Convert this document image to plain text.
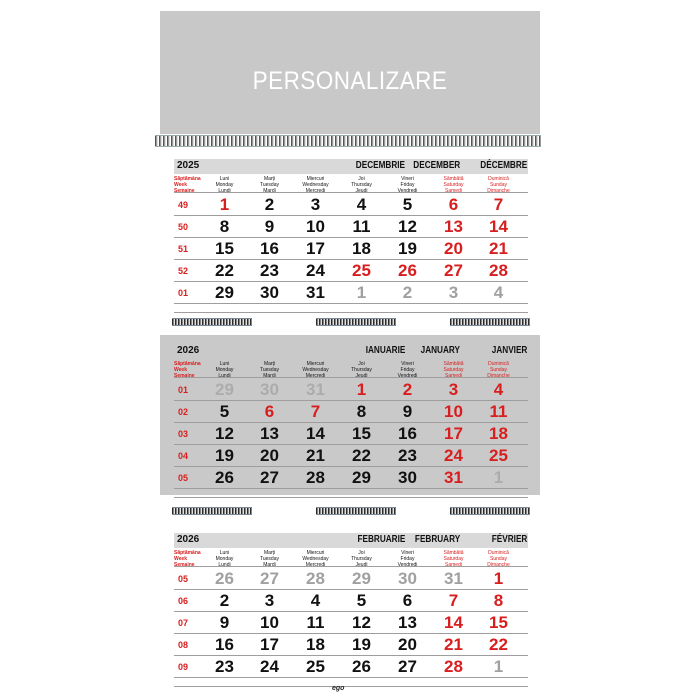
PERSONALIZARE
2025	DECEMBRIE DECEMBER DÉCEMBRE
Săptămâna
Week
Semaine
Luni
Monday
Lundi
Marți
Tuesday
Mardi
Miercuri
Wednesday
Mercredi
Joi
Thursday
Jeudi
Vineri
Friday
Vendredi
Sâmbătă
Saturday
Samedi
Duminică
Sunday
Dimanche
49	1	2	3	4	5	6	7
50	8	9	10	11	12	13	14
51	15	16	17	18	19	20	21
52	22	23	24	25	26	27	28
01	29	30	31	1	2	3	4
2026	IANUARIE JANUARY	JANVIER
Săptămâna
Week
Semaine
Luni
Monday
Lundi
Marți
Tuesday
Mardi
Miercuri
Wednesday
Mercredi
Joi
Thursday
Jeudi
Vineri
Friday
Vendredi
Sâmbătă
Saturday
Samedi
Duminică
Sunday
Dimanche
01	29	30	31	1	2	3	4
02	5	6	7	8	9	10	11
03	12	13	14	15	16	17	18
04	19	20	21	22	23	24	25
05	26	27	28	29	30	31	1
2026	FEBRUARIE FEBRUARY	FÉVRIER
Săptămâna
Week
Semaine
Luni
Monday
Lundi
Marți
Tuesday
Mardi
Miercuri
Wednesday
Mercredi
Joi
Thursday
Jeudi
Vineri
Friday
Vendredi
Sâmbătă
Saturday
Samedi
Duminică
Sunday
Dimanche
05	26	27	28	29	30	31	1
06	2	3	4	5	6	7	8
07	9	10	11	12	13	14	15
08	16	17	18	19	20	21	22
09	23	24	25	26	27	28	1
ego
